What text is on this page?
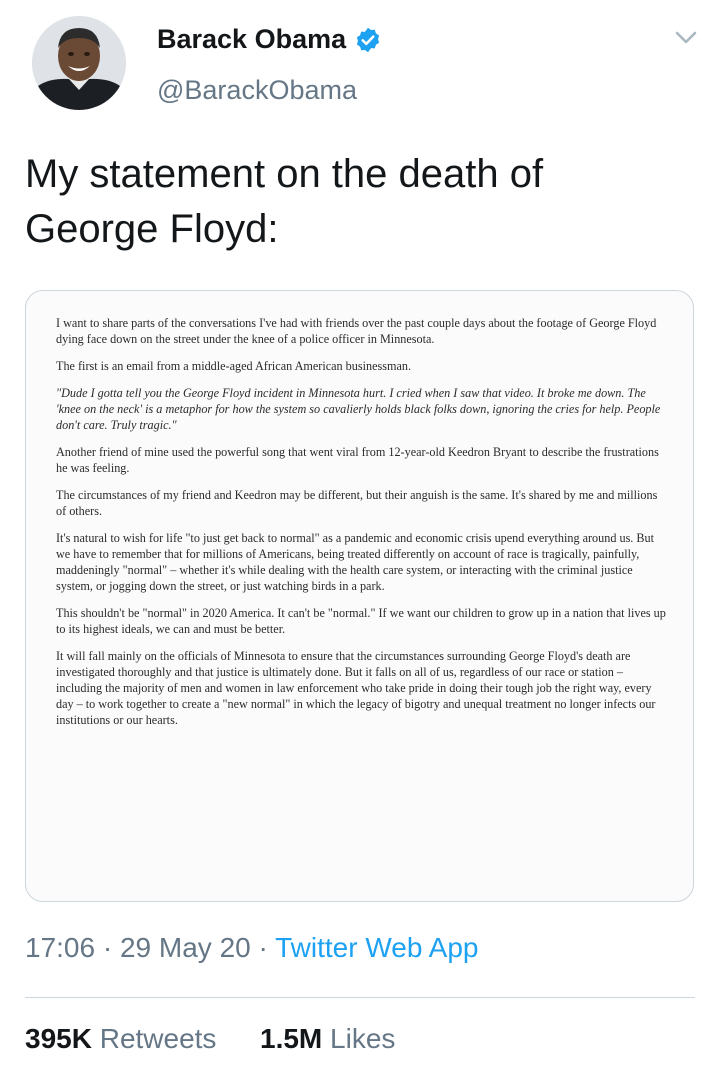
Barack Obama
@BarackObama
My statement on the death of George Floyd:

I want to share parts of the conversations I've had with friends over the past couple days about the footage of George Floyd dying face down on the street under the knee of a police officer in Minnesota.

The first is an email from a middle-aged African American businessman.

"Dude I gotta tell you the George Floyd incident in Minnesota hurt. I cried when I saw that video. It broke me down. The 'knee on the neck' is a metaphor for how the system so cavalierly holds black folks down, ignoring the cries for help. People don't care. Truly tragic."

Another friend of mine used the powerful song that went viral from 12-year-old Keedron Bryant to describe the frustrations he was feeling.

The circumstances of my friend and Keedron may be different, but their anguish is the same. It's shared by me and millions of others.

It's natural to wish for life "to just get back to normal" as a pandemic and economic crisis upend everything around us. But we have to remember that for millions of Americans, being treated differently on account of race is tragically, painfully, maddeningly "normal" – whether it's while dealing with the health care system, or interacting with the criminal justice system, or jogging down the street, or just watching birds in a park.

This shouldn't be "normal" in 2020 America. It can't be "normal." If we want our children to grow up in a nation that lives up to its highest ideals, we can and must be better.

It will fall mainly on the officials of Minnesota to ensure that the circumstances surrounding George Floyd's death are investigated thoroughly and that justice is ultimately done. But it falls on all of us, regardless of our race or station – including the majority of men and women in law enforcement who take pride in doing their tough job the right way, every day – to work together to create a "new normal" in which the legacy of bigotry and unequal treatment no longer infects our institutions or our hearts.

17:06 · 29 May 20 · Twitter Web App
395K Retweets 1.5M Likes
